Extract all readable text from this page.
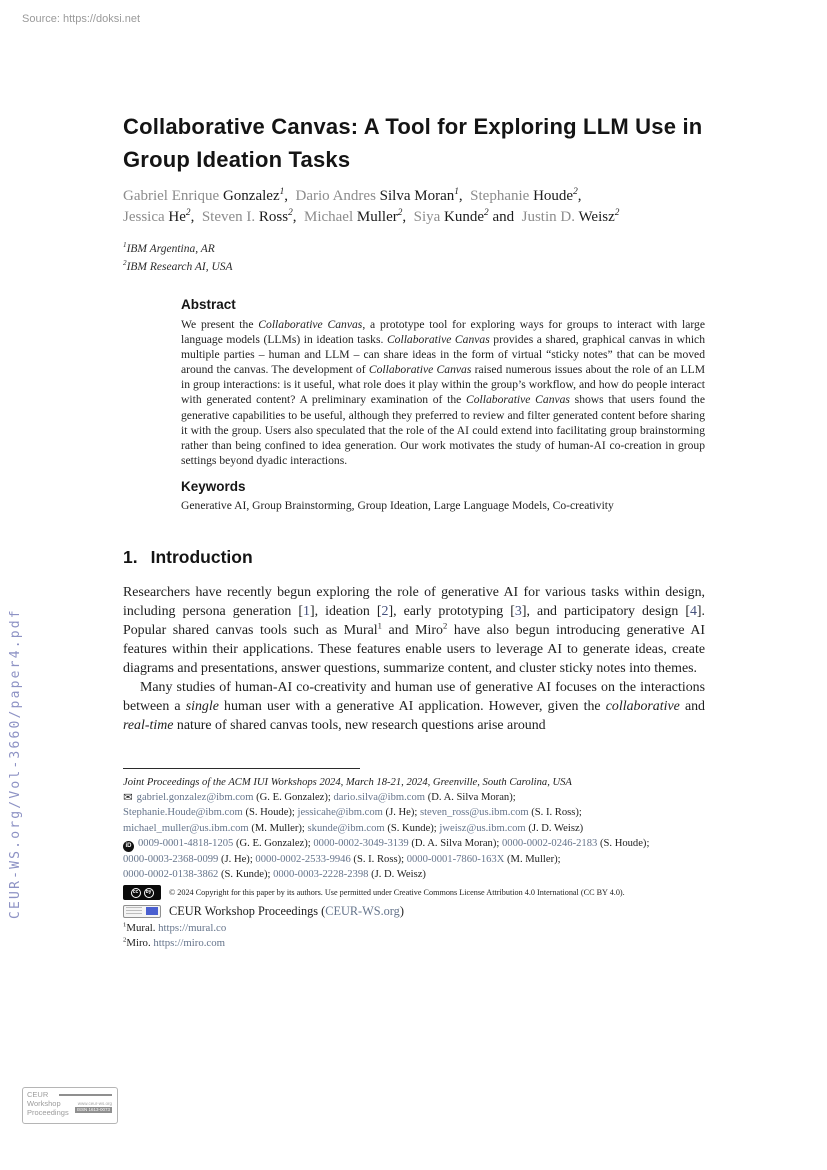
Source: https://doksi.net
CEUR-WS.org/Vol-3660/paper4.pdf
Collaborative Canvas: A Tool for Exploring LLM Use in Group Ideation Tasks
Gabriel Enrique Gonzalez$^1$, Dario Andres Silva Moran$^1$, Stephanie Houde$^2$,
Jessica He$^2$, Steven I. Ross$^2$, Michael Muller$^2$, Siya Kunde$^2$ and Justin D. Weisz$^2$
$^1$IBM Argentina, AR
$^2$IBM Research AI, USA
Abstract
We present the Collaborative Canvas, a prototype tool for exploring ways for groups to interact with large language models (LLMs) in ideation tasks. Collaborative Canvas provides a shared, graphical canvas in which multiple parties – human and LLM – can share ideas in the form of virtual “sticky notes” that can be moved around the canvas. The development of Collaborative Canvas raised numerous issues about the role of an LLM in group interactions: is it useful, what role does it play within the group’s workflow, and how do people interact with generated content? A preliminary examination of the Collaborative Canvas shows that users found the generative capabilities to be useful, although they preferred to review and filter generated content before sharing it with the group. Users also speculated that the role of the AI could extend into facilitating group brainstorming rather than being confined to idea generation. Our work motivates the study of human-AI co-creation in group settings beyond dyadic interactions.
Keywords
Generative AI, Group Brainstorming, Group Ideation, Large Language Models, Co-creativity
1. Introduction

Researchers have recently begun exploring the role of generative AI for various tasks within design, including persona generation [1], ideation [2], early prototyping [3], and participatory design [4]. Popular shared canvas tools such as Mural$^1$ and Miro$^2$ have also begun introducing generative AI features within their applications. These features enable users to leverage AI to generate ideas, create diagrams and presentations, answer questions, summarize content, and cluster sticky notes into themes.

Many studies of human-AI co-creativity and human use of generative AI focuses on the interactions between a single human user with a generative AI application. However, given the collaborative and real-time nature of shared canvas tools, new research questions arise around

Joint Proceedings of the ACM IUI Workshops 2024, March 18-21, 2024, Greenville, South Carolina, USA
✉ gabriel.gonzalez@ibm.com (G. E. Gonzalez); dario.silva@ibm.com (D. A. Silva Moran);
Stephanie.Houde@ibm.com (S. Houde); jessicahe@ibm.com (J. He); steven_ross@us.ibm.com (S. I. Ross);
michael_muller@us.ibm.com (M. Muller); skunde@ibm.com (S. Kunde); jweisz@us.ibm.com (J. D. Weisz)
iD 0009-0001-4818-1205 (G. E. Gonzalez); 0000-0002-3049-3139 (D. A. Silva Moran); 0000-0002-0246-2183 (S. Houde);
0000-0003-2368-0099 (J. He); 0000-0002-2533-9946 (S. I. Ross); 0000-0001-7860-163X (M. Muller);
0000-0002-0138-3862 (S. Kunde); 0000-0003-2228-2398 (J. D. Weisz)
cc	by © 2024 Copyright for this paper by its authors. Use permitted under Creative Commons License Attribution 4.0 International (CC BY 4.0).
CEUR Workshop Proceedings (CEUR-WS.org)
$^1$Mural. https://mural.co
$^2$Miro. https://miro.com
CEUR
Workshop
Proceedings
www.ceur-ws.org
ISSN 1613-0073
